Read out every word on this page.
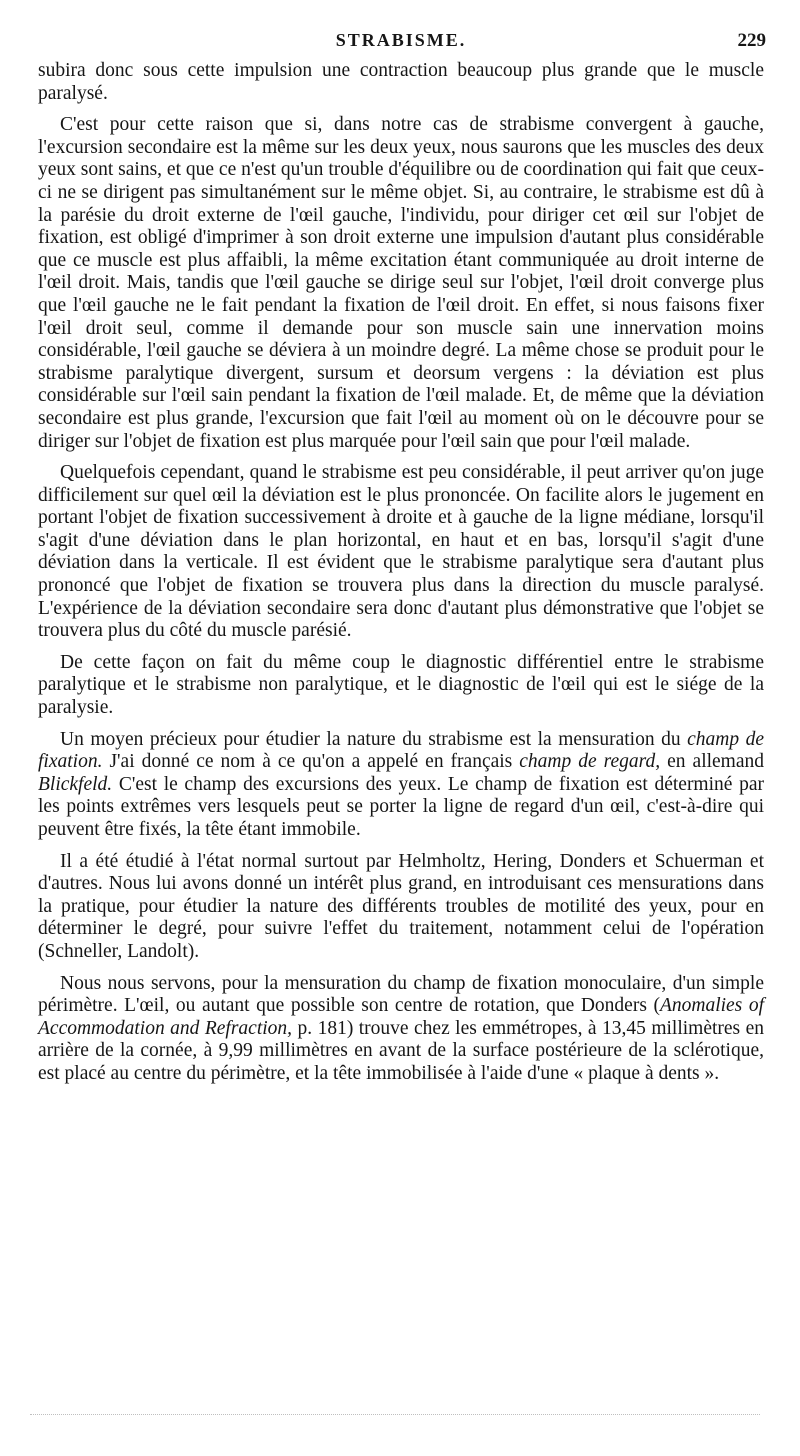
STRABISME.	229

subira donc sous cette impulsion une contraction beaucoup plus grande que le muscle paralysé.

C'est pour cette raison que si, dans notre cas de strabisme convergent à gauche, l'excursion secondaire est la même sur les deux yeux, nous saurons que les muscles des deux yeux sont sains, et que ce n'est qu'un trouble d'équilibre ou de coordination qui fait que ceux-ci ne se dirigent pas simultanément sur le même objet. Si, au contraire, le strabisme est dû à la parésie du droit externe de l'œil gauche, l'individu, pour diriger cet œil sur l'objet de fixation, est obligé d'imprimer à son droit externe une impulsion d'autant plus considérable que ce muscle est plus affaibli, la même excitation étant communiquée au droit interne de l'œil droit. Mais, tandis que l'œil gauche se dirige seul sur l'objet, l'œil droit converge plus que l'œil gauche ne le fait pendant la fixation de l'œil droit. En effet, si nous faisons fixer l'œil droit seul, comme il demande pour son muscle sain une innervation moins considérable, l'œil gauche se déviera à un moindre degré. La même chose se produit pour le strabisme paralytique divergent, sursum et deorsum vergens : la déviation est plus considérable sur l'œil sain pendant la fixation de l'œil malade. Et, de même que la déviation secondaire est plus grande, l'excursion que fait l'œil au moment où on le découvre pour se diriger sur l'objet de fixation est plus marquée pour l'œil sain que pour l'œil malade.

Quelquefois cependant, quand le strabisme est peu considérable, il peut arriver qu'on juge difficilement sur quel œil la déviation est le plus prononcée. On facilite alors le jugement en portant l'objet de fixation successivement à droite et à gauche de la ligne médiane, lorsqu'il s'agit d'une déviation dans le plan horizontal, en haut et en bas, lorsqu'il s'agit d'une déviation dans la verticale. Il est évident que le strabisme paralytique sera d'autant plus prononcé que l'objet de fixation se trouvera plus dans la direction du muscle paralysé. L'expérience de la déviation secondaire sera donc d'autant plus démonstrative que l'objet se trouvera plus du côté du muscle parésié.

De cette façon on fait du même coup le diagnostic différentiel entre le strabisme paralytique et le strabisme non paralytique, et le diagnostic de l'œil qui est le siége de la paralysie.

Un moyen précieux pour étudier la nature du strabisme est la mensuration du champ de fixation. J'ai donné ce nom à ce qu'on a appelé en français champ de regard, en allemand Blickfeld. C'est le champ des excursions des yeux. Le champ de fixation est déterminé par les points extrêmes vers lesquels peut se porter la ligne de regard d'un œil, c'est-à-dire qui peuvent être fixés, la tête étant immobile.

Il a été étudié à l'état normal surtout par Helmholtz, Hering, Donders et Schuerman et d'autres. Nous lui avons donné un intérêt plus grand, en introduisant ces mensurations dans la pratique, pour étudier la nature des différents troubles de motilité des yeux, pour en déterminer le degré, pour suivre l'effet du traitement, notamment celui de l'opération (Schneller, Landolt).

Nous nous servons, pour la mensuration du champ de fixation monoculaire, d'un simple périmètre. L'œil, ou autant que possible son centre de rotation, que Donders (Anomalies of Accommodation and Refraction, p. 181) trouve chez les emmétropes, à 13,45 millimètres en arrière de la cornée, à 9,99 millimètres en avant de la surface postérieure de la sclérotique, est placé au centre du périmètre, et la tête immobilisée à l'aide d'une « plaque à dents ».
